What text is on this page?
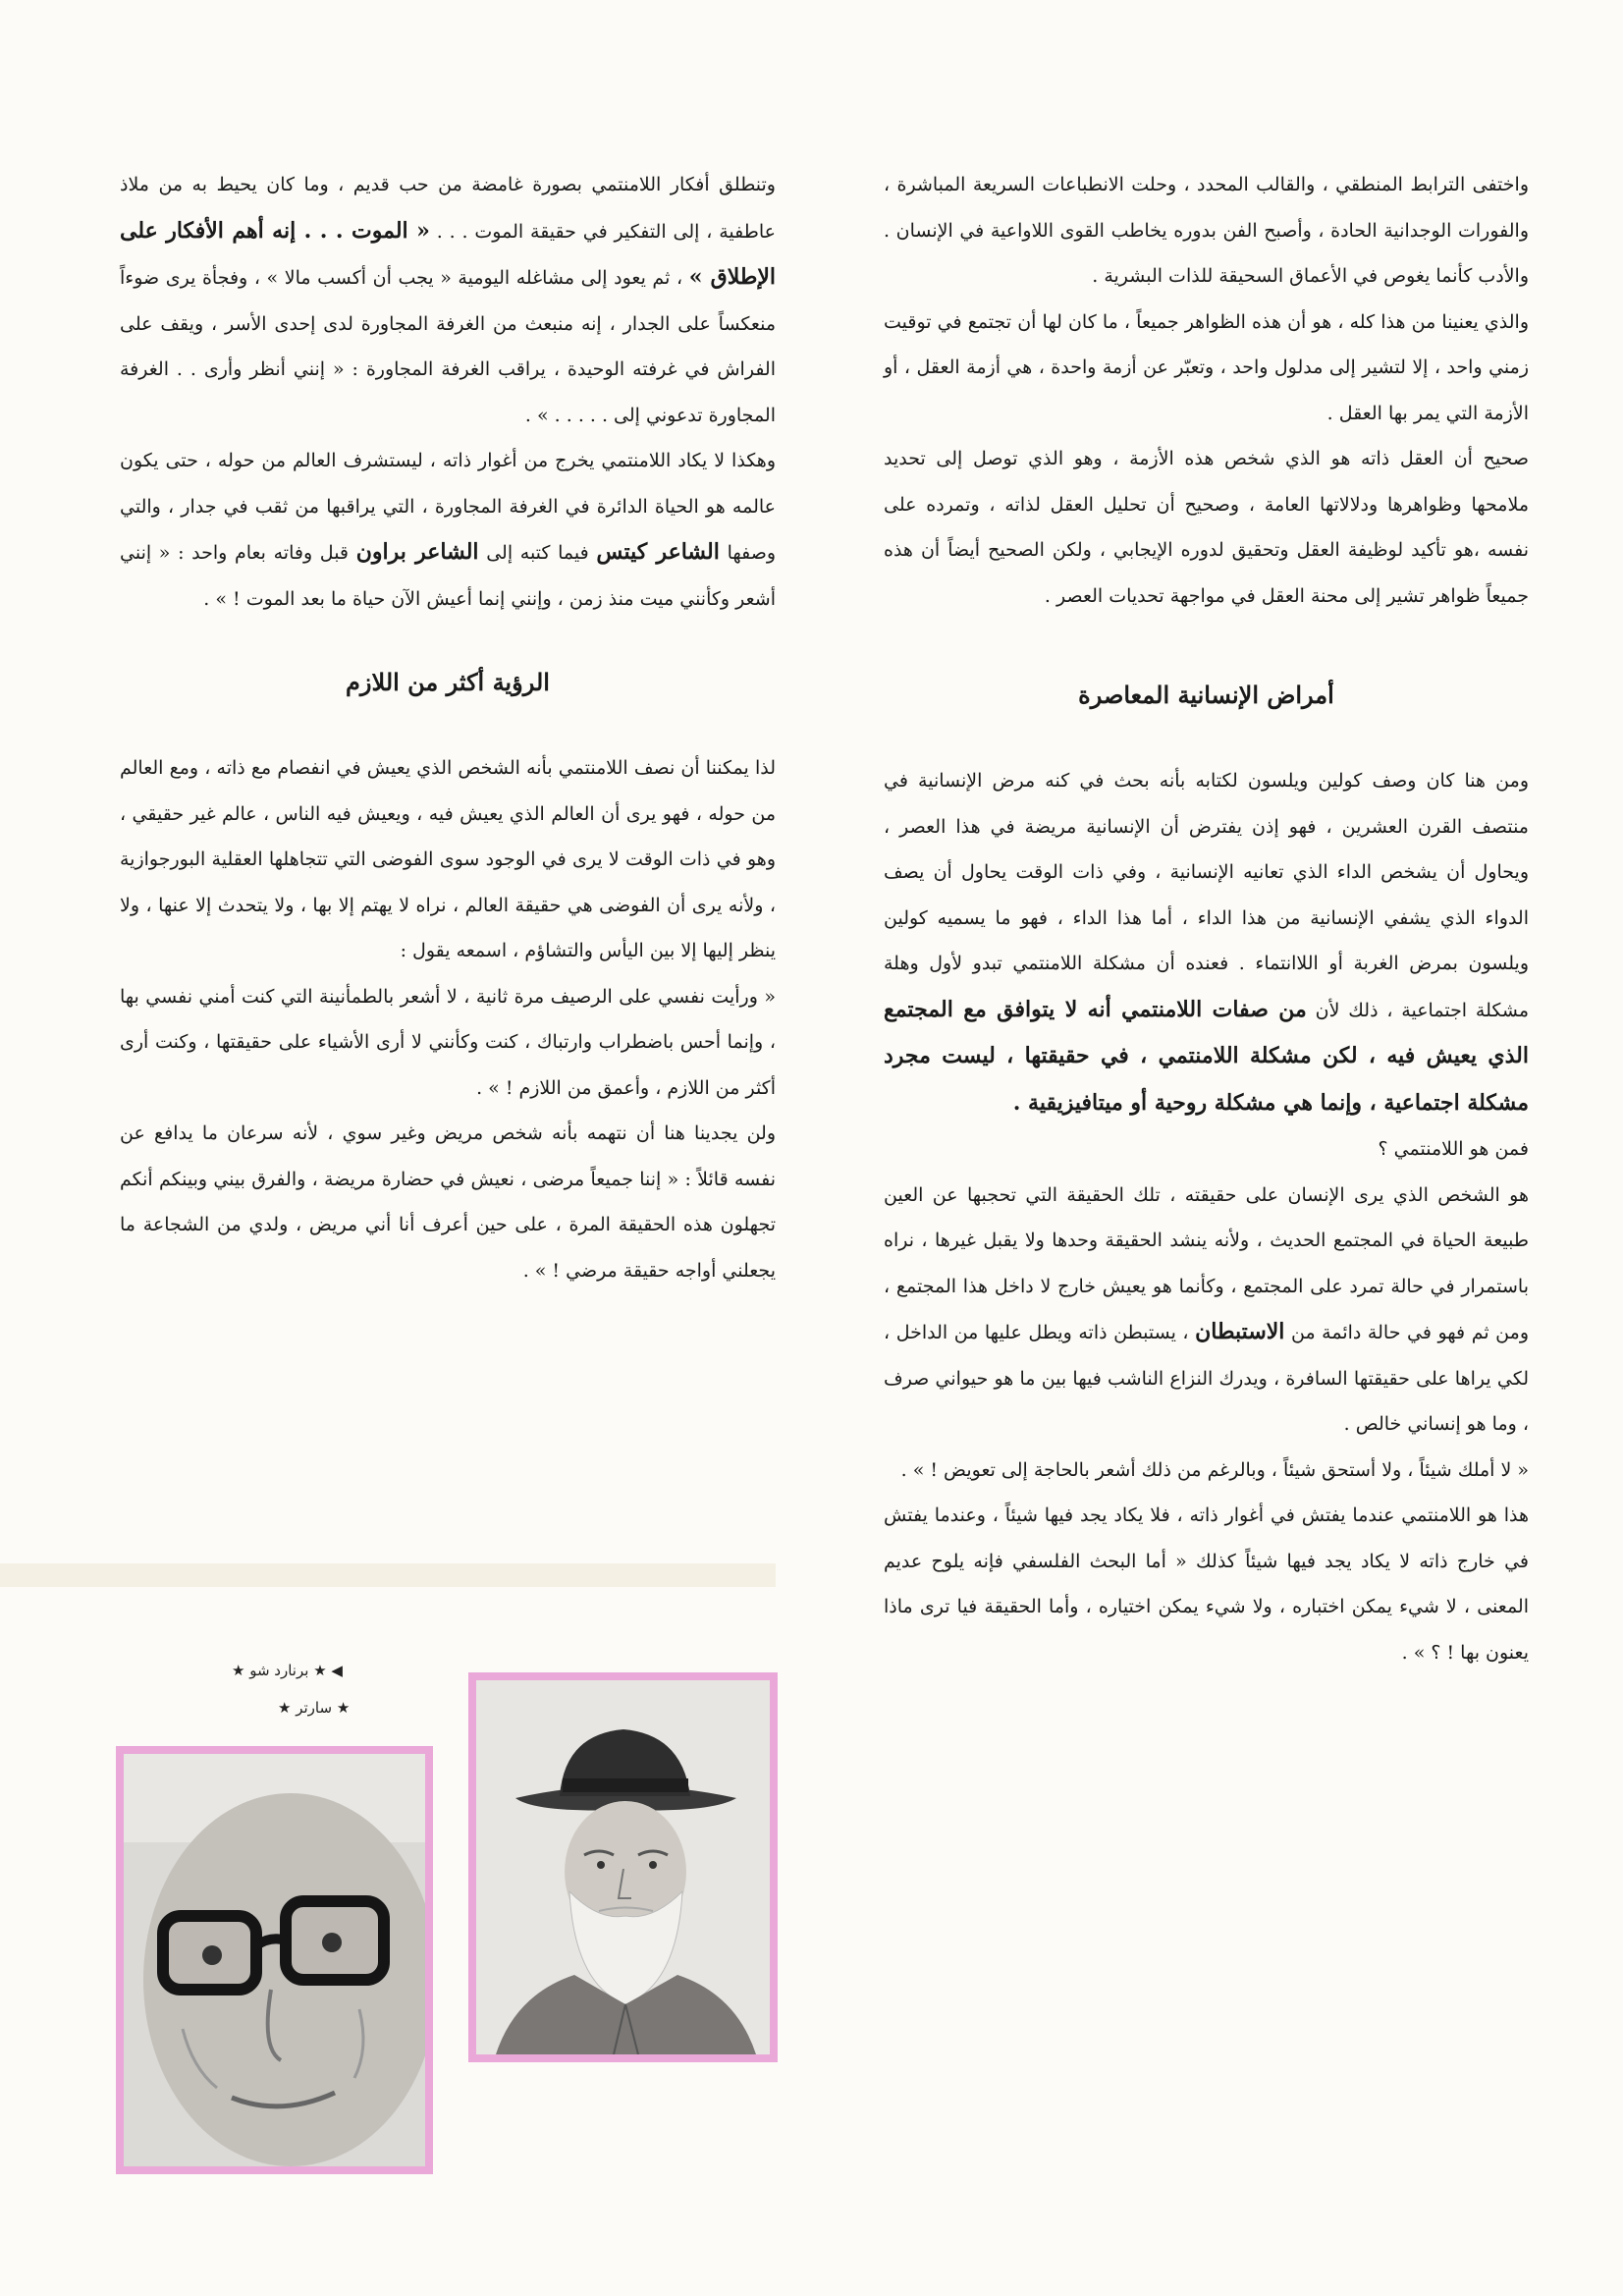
واختفى الترابط المنطقي ، والقالب المحدد ، وحلت الانطباعات السريعة المباشرة ، والفورات الوجدانية الحادة ، وأصبح الفن بدوره يخاطب القوى اللاواعية في الإنسان . والأدب كأنما يغوص في الأعماق السحيقة للذات البشرية .

والذي يعنينا من هذا كله ، هو أن هذه الظواهر جميعاً ، ما كان لها أن تجتمع في توقيت زمني واحد ، إلا لتشير إلى مدلول واحد ، وتعبّر عن أزمة واحدة ، هي أزمة العقل ، أو الأزمة التي يمر بها العقل .

صحيح أن العقل ذاته هو الذي شخص هذه الأزمة ، وهو الذي توصل إلى تحديد ملامحها وظواهرها ودلالاتها العامة ، وصحيح أن تحليل العقل لذاته ، وتمرده على نفسه ،هو تأكيد لوظيفة العقل وتحقيق لدوره الإيجابي ، ولكن الصحيح أيضاً أن هذه جميعاً ظواهر تشير إلى محنة العقل في مواجهة تحديات العصر .

أمراض الإنسانية المعاصرة

ومن هنا كان وصف كولين ويلسون لكتابه بأنه بحث في كنه مرض الإنسانية في منتصف القرن العشرين ، فهو إذن يفترض أن الإنسانية مريضة في هذا العصر ، ويحاول أن يشخص الداء الذي تعانيه الإنسانية ، وفي ذات الوقت يحاول أن يصف الدواء الذي يشفي الإنسانية من هذا الداء ، أما هذا الداء ، فهو ما يسميه كولين ويلسون بمرض الغربة أو اللاانتماء . فعنده أن مشكلة اللامنتمي تبدو لأول وهلة مشكلة اجتماعية ، ذلك لأن من صفات اللامنتمي أنه لا يتوافق مع المجتمع الذي يعيش فيه ، لكن مشكلة اللامنتمي ، في حقيقتها ، ليست مجرد مشكلة اجتماعية ، وإنما هي مشكلة روحية أو ميتافيزيقية .

فمن هو اللامنتمي ؟

هو الشخص الذي يرى الإنسان على حقيقته ، تلك الحقيقة التي تحجبها عن العين طبيعة الحياة في المجتمع الحديث ، ولأنه ينشد الحقيقة وحدها ولا يقبل غيرها ، نراه باستمرار في حالة تمرد على المجتمع ، وكأنما هو يعيش خارج لا داخل هذا المجتمع ، ومن ثم فهو في حالة دائمة من الاستبطان ، يستبطن ذاته ويطل عليها من الداخل ، لكي يراها على حقيقتها السافرة ، ويدرك النزاع الناشب فيها بين ما هو حيواني صرف ، وما هو إنساني خالص .

« لا أملك شيئاً ، ولا أستحق شيئاً ، وبالرغم من ذلك أشعر بالحاجة إلى تعويض ! » .

هذا هو اللامنتمي عندما يفتش في أغوار ذاته ، فلا يكاد يجد فيها شيئاً ، وعندما يفتش في خارج ذاته لا يكاد يجد فيها شيئاً كذلك « أما البحث الفلسفي فإنه يلوح عديم المعنى ، لا شيء يمكن اختباره ، ولا شيء يمكن اختياره ، وأما الحقيقة فيا ترى ماذا يعنون بها ! ؟ » .

وتنطلق أفكار اللامنتمي بصورة غامضة من حب قديم ، وما كان يحيط به من ملاذ عاطفية ، إلى التفكير في حقيقة الموت . . . « الموت . . . إنه أهم الأفكار على الإطلاق » ، ثم يعود إلى مشاغله اليومية « يجب أن أكسب مالا » ، وفجأة يرى ضوءاً منعكساً على الجدار ، إنه منبعث من الغرفة المجاورة لدى إحدى الأسر ، ويقف على الفراش في غرفته الوحيدة ، يراقب الغرفة المجاورة : « إنني أنظر وأرى . . الغرفة المجاورة تدعوني إلى . . . . . » .

وهكذا لا يكاد اللامنتمي يخرج من أغوار ذاته ، ليستشرف العالم من حوله ، حتى يكون عالمه هو الحياة الدائرة في الغرفة المجاورة ، التي يراقبها من ثقب في جدار ، والتي وصفها الشاعر كيتس فيما كتبه إلى الشاعر براون قبل وفاته بعام واحد : « إنني أشعر وكأنني ميت منذ زمن ، وإنني إنما أعيش الآن حياة ما بعد الموت ! » .

الرؤية أكثر من اللازم

لذا يمكننا أن نصف اللامنتمي بأنه الشخص الذي يعيش في انفصام مع ذاته ، ومع العالم من حوله ، فهو يرى أن العالم الذي يعيش فيه ، ويعيش فيه الناس ، عالم غير حقيقي ، وهو في ذات الوقت لا يرى في الوجود سوى الفوضى التي تتجاهلها العقلية البورجوازية ، ولأنه يرى أن الفوضى هي حقيقة العالم ، نراه لا يهتم إلا بها ، ولا يتحدث إلا عنها ، ولا ينظر إليها إلا بين اليأس والتشاؤم ، اسمعه يقول :

« ورأيت نفسي على الرصيف مرة ثانية ، لا أشعر بالطمأنينة التي كنت أمني نفسي بها ، وإنما أحس باضطراب وارتباك ، كنت وكأنني لا أرى الأشياء على حقيقتها ، وكنت أرى أكثر من اللازم ، وأعمق من اللازم ! » .

ولن يجدينا هنا أن نتهمه بأنه شخص مريض وغير سوي ، لأنه سرعان ما يدافع عن نفسه قائلاً : « إننا جميعاً مرضى ، نعيش في حضارة مريضة ، والفرق بيني وبينكم أنكم تجهلون هذه الحقيقة المرة ، على حين أعرف أنا أني مريض ، ولدي من الشجاعة ما يجعلني أواجه حقيقة مرضي ! » .

◀ ★ برنارد شو ★
★ سارتر ★
